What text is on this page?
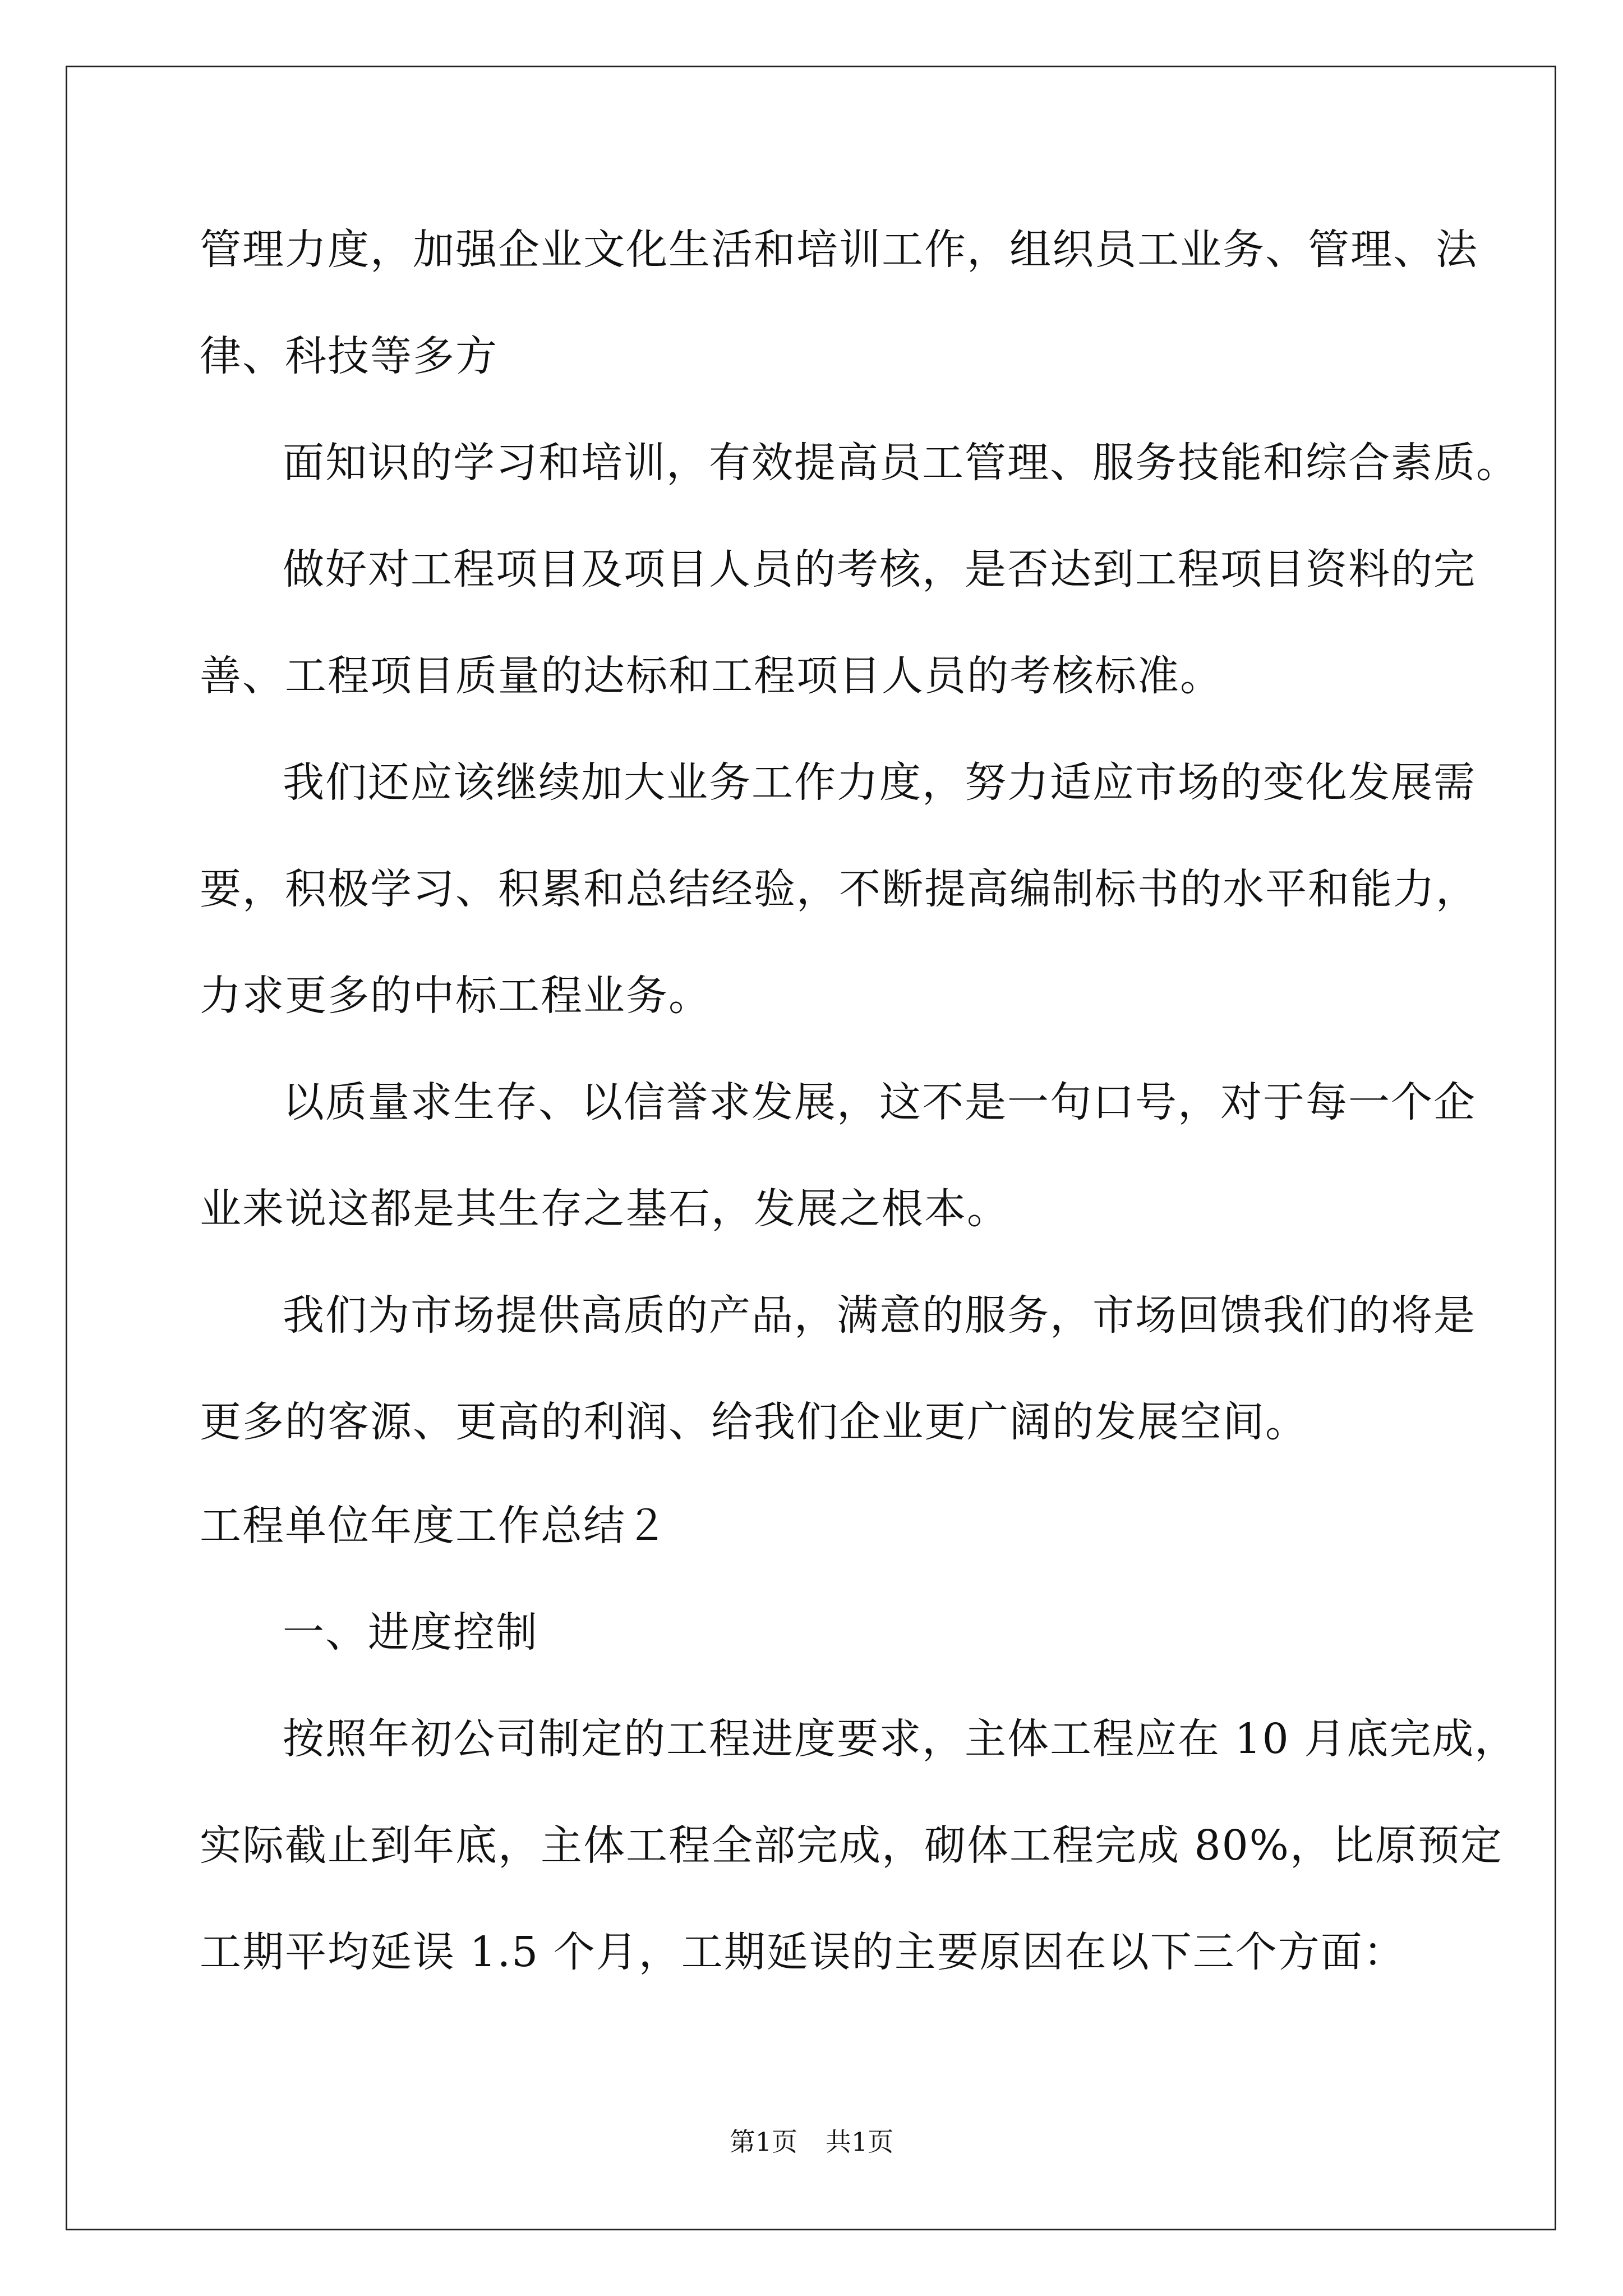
管理力度，加强企业文化生活和培训工作，组织员工业务、管理、法
律、科技等多方
面知识的学习和培训，有效提高员工管理、服务技能和综合素质。
做好对工程项目及项目人员的考核，是否达到工程项目资料的完
善、工程项目质量的达标和工程项目人员的考核标准。
我们还应该继续加大业务工作力度，努力适应市场的变化发展需
要，积极学习、积累和总结经验，不断提高编制标书的水平和能力，
力求更多的中标工程业务。
以质量求生存、以信誉求发展，这不是一句口号，对于每一个企
业来说这都是其生存之基石，发展之根本。
我们为市场提供高质的产品，满意的服务，市场回馈我们的将是
更多的客源、更高的利润、给我们企业更广阔的发展空间。
工程单位年度工作总结２
一、进度控制
按照年初公司制定的工程进度要求，主体工程应在 10 月底完成，
实际截止到年底，主体工程全部完成，砌体工程完成 80%，比原预定
工期平均延误 1.5 个月，工期延误的主要原因在以下三个方面：
第1页 共1页
